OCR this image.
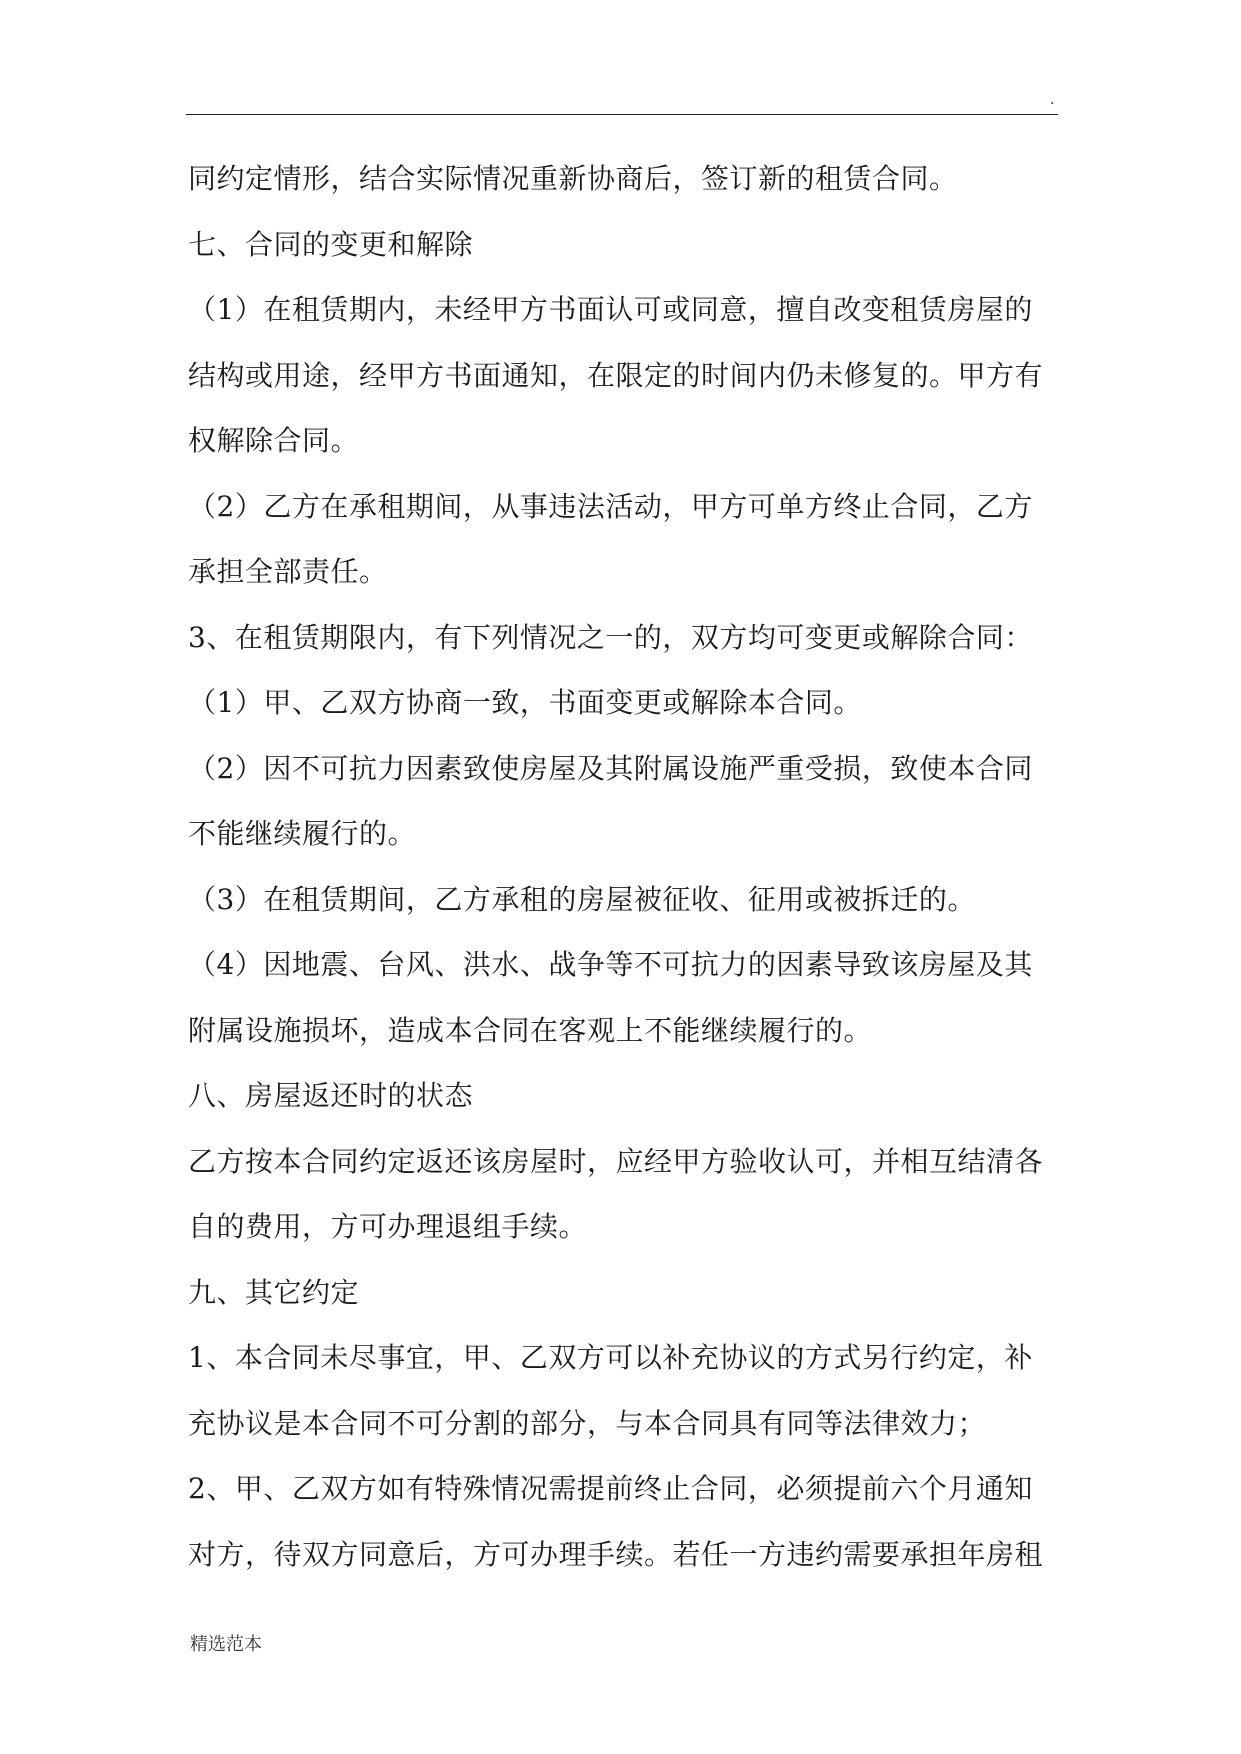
.
同约定情形，结合实际情况重新协商后，签订新的租赁合同。
七、合同的变更和解除
（1）在租赁期内，未经甲方书面认可或同意，擅自改变租赁房屋的
结构或用途，经甲方书面通知，在限定的时间内仍未修复的。甲方有
权解除合同。
（2）乙方在承租期间，从事违法活动，甲方可单方终止合同，乙方
承担全部责任。
3、在租赁期限内，有下列情况之一的，双方均可变更或解除合同：
（1）甲、乙双方协商一致，书面变更或解除本合同。
（2）因不可抗力因素致使房屋及其附属设施严重受损，致使本合同
不能继续履行的。
（3）在租赁期间，乙方承租的房屋被征收、征用或被拆迁的。
（4）因地震、台风、洪水、战争等不可抗力的因素导致该房屋及其
附属设施损坏，造成本合同在客观上不能继续履行的。
八、房屋返还时的状态
乙方按本合同约定返还该房屋时，应经甲方验收认可，并相互结清各
自的费用，方可办理退组手续。
九、其它约定
1、本合同未尽事宜，甲、乙双方可以补充协议的方式另行约定，补
充协议是本合同不可分割的部分，与本合同具有同等法律效力；
2、甲、乙双方如有特殊情况需提前终止合同，必须提前六个月通知
对方，待双方同意后，方可办理手续。若任一方违约需要承担年房租
精选范本
